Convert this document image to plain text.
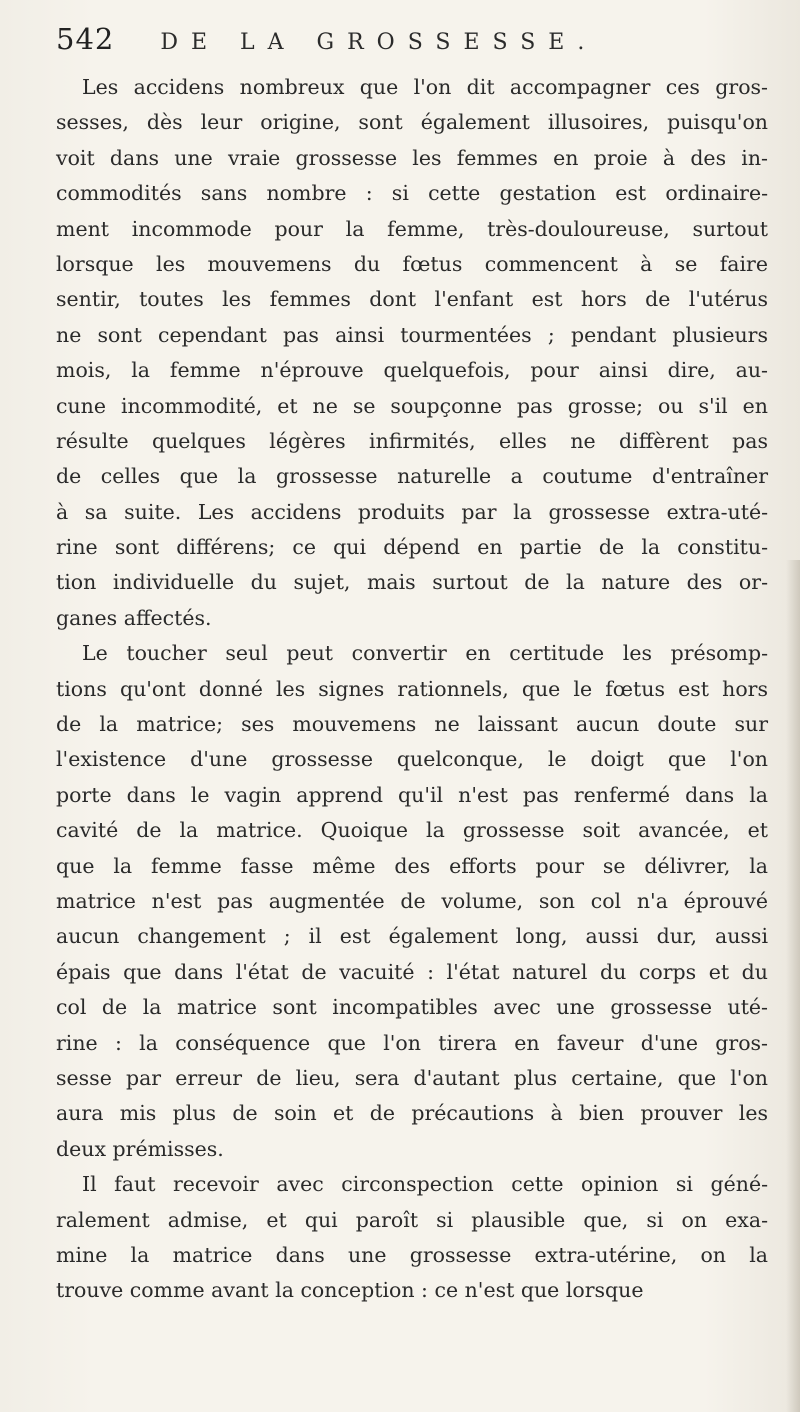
542 DE LA GROSSESSE.
Les accidens nombreux que l'on dit accompagner ces gros-
sesses, dès leur origine, sont également illusoires, puisqu'on
voit dans une vraie grossesse les femmes en proie à des in-
commodités sans nombre : si cette gestation est ordinaire-
ment incommode pour la femme, très-douloureuse, surtout
lorsque les mouvemens du fœtus commencent à se faire
sentir, toutes les femmes dont l'enfant est hors de l'utérus
ne sont cependant pas ainsi tourmentées ; pendant plusieurs
mois, la femme n'éprouve quelquefois, pour ainsi dire, au-
cune incommodité, et ne se soupçonne pas grosse; ou s'il en
résulte quelques légères infirmités, elles ne diffèrent pas
de celles que la grossesse naturelle a coutume d'entraîner
à sa suite. Les accidens produits par la grossesse extra-uté-
rine sont différens; ce qui dépend en partie de la constitu-
tion individuelle du sujet, mais surtout de la nature des or-
ganes affectés.
Le toucher seul peut convertir en certitude les présomp-
tions qu'ont donné les signes rationnels, que le fœtus est hors
de la matrice; ses mouvemens ne laissant aucun doute sur
l'existence d'une grossesse quelconque, le doigt que l'on
porte dans le vagin apprend qu'il n'est pas renfermé dans la
cavité de la matrice. Quoique la grossesse soit avancée, et
que la femme fasse même des efforts pour se délivrer, la
matrice n'est pas augmentée de volume, son col n'a éprouvé
aucun changement ; il est également long, aussi dur, aussi
épais que dans l'état de vacuité : l'état naturel du corps et du
col de la matrice sont incompatibles avec une grossesse uté-
rine : la conséquence que l'on tirera en faveur d'une gros-
sesse par erreur de lieu, sera d'autant plus certaine, que l'on
aura mis plus de soin et de précautions à bien prouver les
deux prémisses.
Il faut recevoir avec circonspection cette opinion si géné-
ralement admise, et qui paroît si plausible que, si on exa-
mine la matrice dans une grossesse extra-utérine, on la
trouve comme avant la conception : ce n'est que lorsque
